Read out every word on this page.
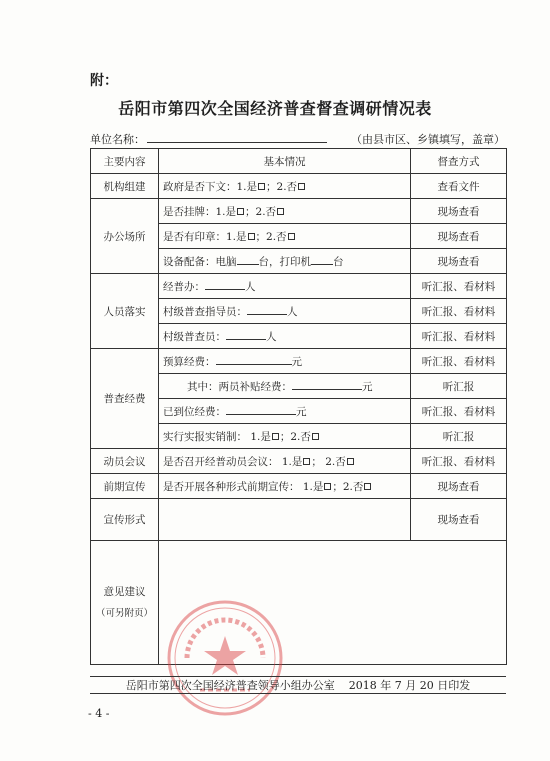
附：
岳阳市第四次全国经济普查督查调研情况表
单位名称：	（由县市区、乡镇填写，盖章）
主要内容	基本情况	督查方式
机构组建	政府是否下文：1.是 ；2.否	查看文件
办公场所	是否挂牌：1.是 ；2.否	现场查看
	是否有印章：1.是 ；2.否	现场查看
	设备配备：电脑 台，打印机 台	现场查看
人员落实	经普办： 人	听汇报、看材料
	村级普查指导员： 人	听汇报、看材料
	村级普查员： 人	听汇报、看材料
普查经费	预算经费： 元	听汇报、看材料
	其中：两员补贴经费： 元	听汇报
	已到位经费： 元	听汇报、看材料
	实行实报实销制： 1.是 ；2.否	听汇报
动员会议	是否召开经普动员会议： 1.是 ； 2.否	听汇报、看材料
前期宣传	是否开展各种形式前期宣传： 1.是 ；2.否	现场查看
宣传形式		现场查看

意见建议
（可另附页）		

岳阳市第四次全国经济普查领导小组办公室 2018 年 7 月 20 日印发
- 4 -
